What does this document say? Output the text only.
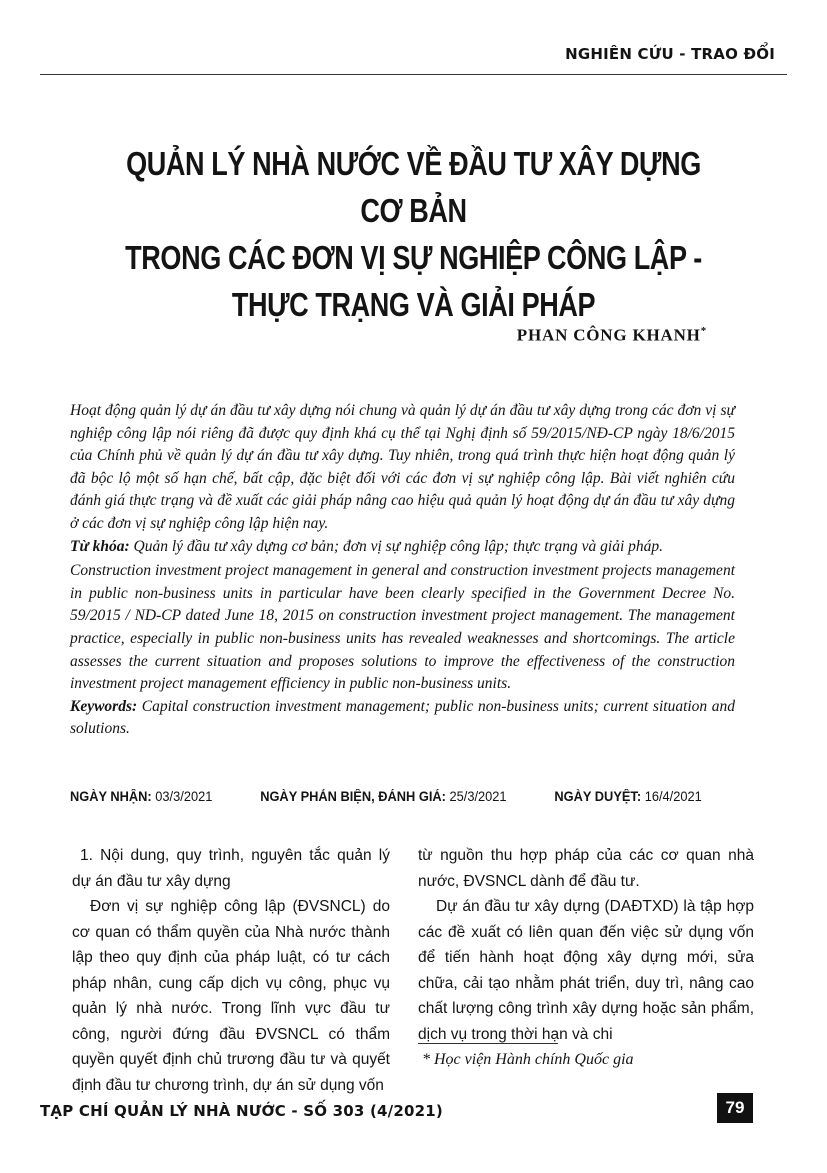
NGHIÊN CỨU - TRAO ĐỔI
QUẢN LÝ NHÀ NƯỚC VỀ ĐẦU TƯ XÂY DỰNG CƠ BẢN
TRONG CÁC ĐƠN VỊ SỰ NGHIỆP CÔNG LẬP -
THỰC TRẠNG VÀ GIẢI PHÁP
PHAN CÔNG KHANH*

Hoạt động quản lý dự án đầu tư xây dựng nói chung và quản lý dự án đầu tư xây dựng trong các đơn vị sự nghiệp công lập nói riêng đã được quy định khá cụ thể tại Nghị định số 59/2015/NĐ-CP ngày 18/6/2015 của Chính phủ về quản lý dự án đầu tư xây dựng. Tuy nhiên, trong quá trình thực hiện hoạt động quản lý đã bộc lộ một số hạn chế, bất cập, đặc biệt đối với các đơn vị sự nghiệp công lập. Bài viết nghiên cứu đánh giá thực trạng và đề xuất các giải pháp nâng cao hiệu quả quản lý hoạt động dự án đầu tư xây dựng ở các đơn vị sự nghiệp công lập hiện nay.

Từ khóa: Quản lý đầu tư xây dựng cơ bản; đơn vị sự nghiệp công lập; thực trạng và giải pháp.

Construction investment project management in general and construction investment projects management in public non-business units in particular have been clearly specified in the Government Decree No. 59/2015 / ND-CP dated June 18, 2015 on construction investment project management. The management practice, especially in public non-business units has revealed weaknesses and shortcomings. The article assesses the current situation and proposes solutions to improve the effectiveness of the construction investment project management efficiency in public non-business units.

Keywords: Capital construction investment management; public non-business units; current situation and solutions.

NGÀY NHẬN: 03/3/2021	NGÀY PHẢN BIỆN, ĐÁNH GIÁ: 25/3/2021	NGÀY DUYỆT: 16/4/2021

1. Nội dung, quy trình, nguyên tắc quản lý dự án đầu tư xây dựng

Đơn vị sự nghiệp công lập (ĐVSNCL) do cơ quan có thẩm quyền của Nhà nước thành lập theo quy định của pháp luật, có tư cách pháp nhân, cung cấp dịch vụ công, phục vụ quản lý nhà nước. Trong lĩnh vực đầu tư công, người đứng đầu ĐVSNCL có thẩm quyền quyết định chủ trương đầu tư và quyết định đầu tư chương trình, dự án sử dụng vốn

từ nguồn thu hợp pháp của các cơ quan nhà nước, ĐVSNCL dành để đầu tư.

Dự án đầu tư xây dựng (DAĐTXD) là tập hợp các đề xuất có liên quan đến việc sử dụng vốn để tiến hành hoạt động xây dựng mới, sửa chữa, cải tạo nhằm phát triển, duy trì, nâng cao chất lượng công trình xây dựng hoặc sản phẩm, dịch vụ trong thời hạn và chi

* Học viện Hành chính Quốc gia
TẠP CHÍ QUẢN LÝ NHÀ NƯỚC - SỐ 303 (4/2021)	79
